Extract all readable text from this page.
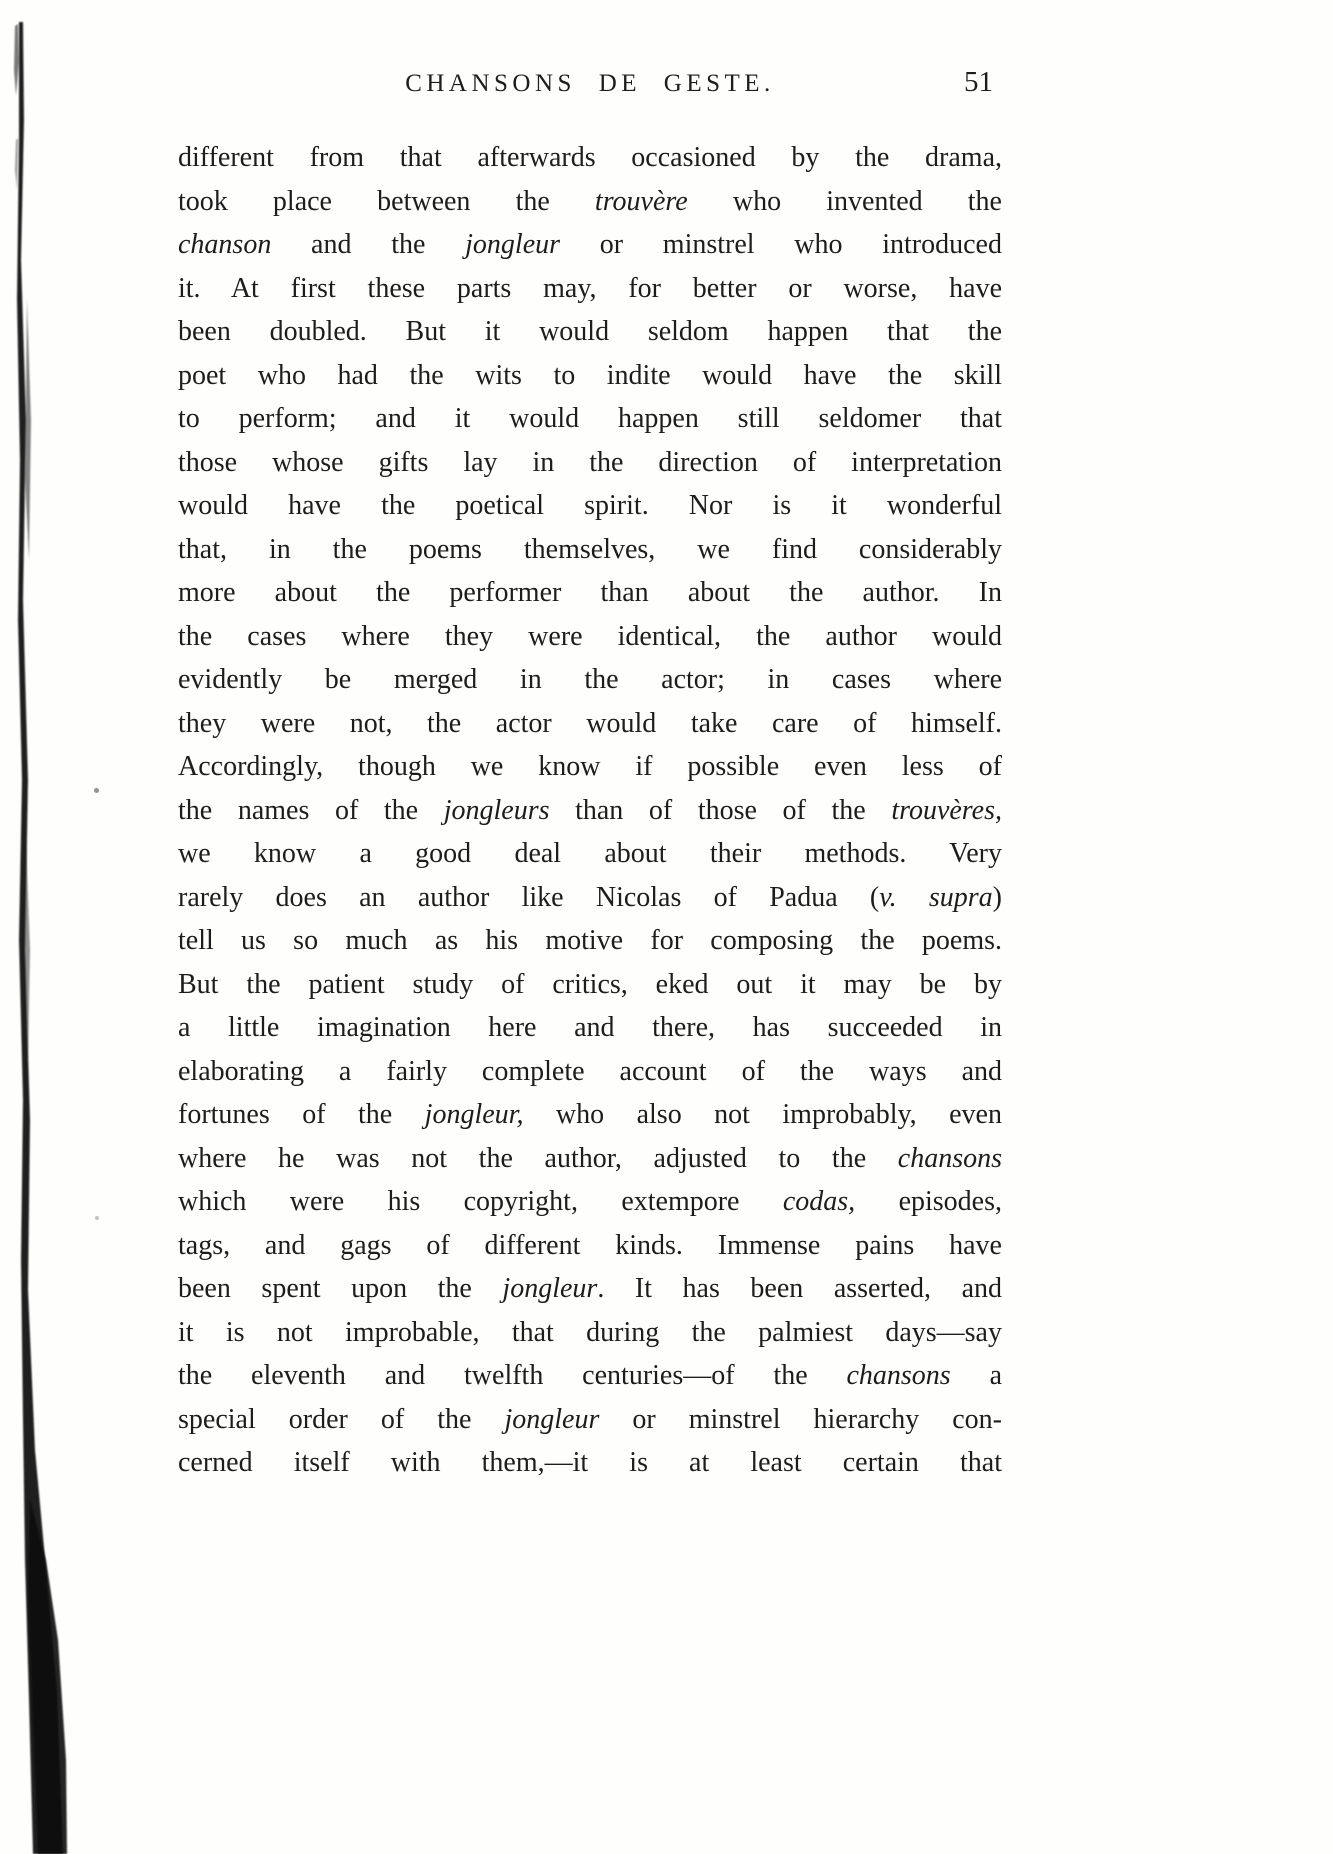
CHANSONS DE GESTE.	51
different from that afterwards occasioned by the drama,
took place between the trouvère who invented the
chanson and the jongleur or minstrel who introduced
it. At first these parts may, for better or worse, have
been doubled. But it would seldom happen that the
poet who had the wits to indite would have the skill
to perform; and it would happen still seldomer that
those whose gifts lay in the direction of interpretation
would have the poetical spirit. Nor is it wonderful
that, in the poems themselves, we find considerably
more about the performer than about the author. In
the cases where they were identical, the author would
evidently be merged in the actor; in cases where
they were not, the actor would take care of himself.
Accordingly, though we know if possible even less of
the names of the jongleurs than of those of the trouvères,
we know a good deal about their methods. Very
rarely does an author like Nicolas of Padua (v. supra)
tell us so much as his motive for composing the poems.
But the patient study of critics, eked out it may be by
a little imagination here and there, has succeeded in
elaborating a fairly complete account of the ways and
fortunes of the jongleur, who also not improbably, even
where he was not the author, adjusted to the chansons
which were his copyright, extempore codas, episodes,
tags, and gags of different kinds. Immense pains have
been spent upon the jongleur. It has been asserted, and
it is not improbable, that during the palmiest days—say
the eleventh and twelfth centuries—of the chansons a
special order of the jongleur or minstrel hierarchy con-
cerned itself with them,—it is at least certain that
